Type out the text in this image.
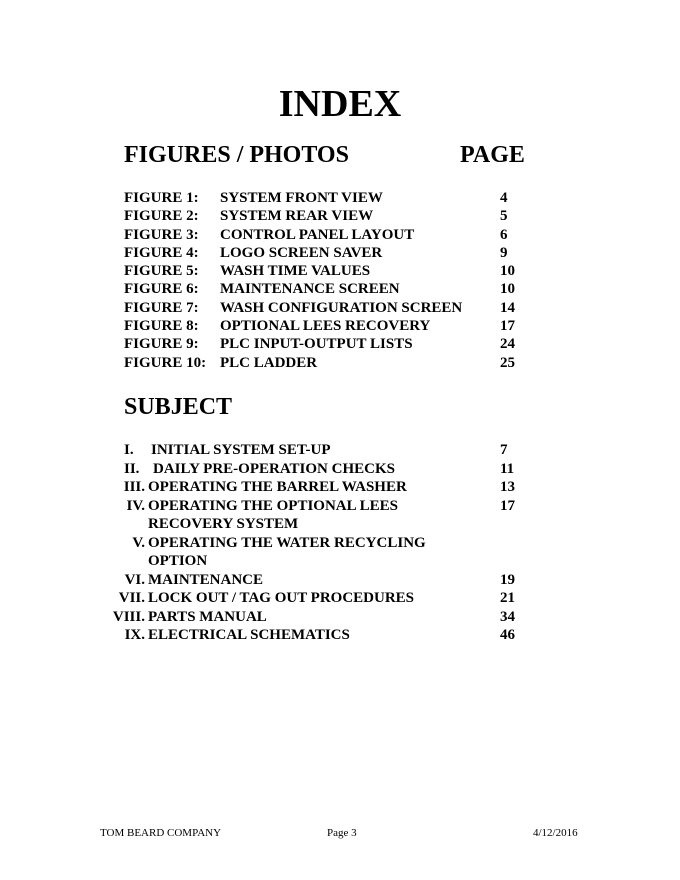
INDEX
FIGURES / PHOTOS	PAGE
FIGURE 1: SYSTEM FRONT VIEW	4
FIGURE 2: SYSTEM REAR VIEW	5
FIGURE 3: CONTROL PANEL LAYOUT	6
FIGURE 4: LOGO SCREEN SAVER	9
FIGURE 5: WASH TIME VALUES	10
FIGURE 6: MAINTENANCE SCREEN	10
FIGURE 7: WASH CONFIGURATION SCREEN	14
FIGURE 8: OPTIONAL LEES RECOVERY	17
FIGURE 9: PLC INPUT-OUTPUT LISTS	24
FIGURE 10: PLC LADDER	25
SUBJECT
I. INITIAL SYSTEM SET-UP	7
II. DAILY PRE-OPERATION CHECKS	11
III. OPERATING THE BARREL WASHER	13
IV. OPERATING THE OPTIONAL LEES	17
RECOVERY SYSTEM
V. OPERATING THE WATER RECYCLING
OPTION
VI. MAINTENANCE	19
VII. LOCK OUT / TAG OUT PROCEDURES	21
VIII. PARTS MANUAL	34
IX. ELECTRICAL SCHEMATICS	46
TOM BEARD COMPANY	Page 3	4/12/2016
